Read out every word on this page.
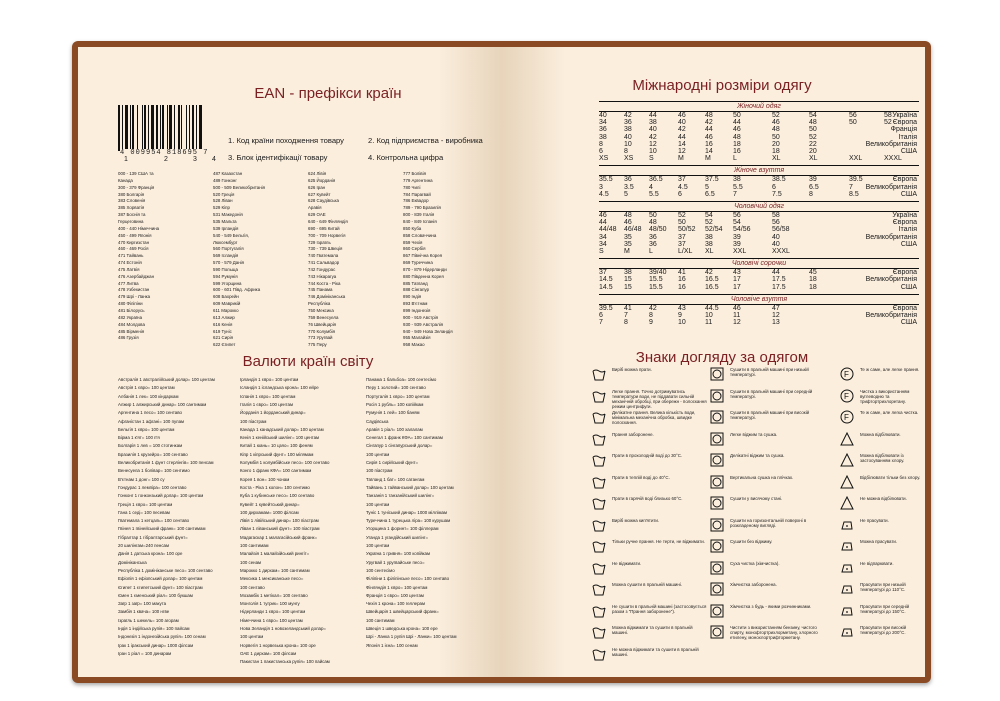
EAN - префікси країн
4 009954 818695 7
1	2	3 4
1. Код країни походження товару	2. Код підприємства - виробника
3. Блок ідентифікації товару	4. Контрольна цифра
000 - 139 США та
Канада
300 - 379 Франція
380 Болгарія
383 Словенія
385 Хорватія
387 Боснія та
Герцеговина
400 - 440 Німеччина
450 - 499 Японія
470 Киргизстан
460 - 469 Росія
471 Тайвань
474 Естонія
475 Латвія
476 Азербайджан
477 Литва
478 Узбекистан
479 Шрі - Ланка
480 Філіпіни
481 Білорусь
482 Україна
484 Молдова
485 Вірменія
486 Грузія
487 Казахстан
489 Гонконг
500 - 509 Великобританія
520 Греція
528 Ліван
529 Кіпр
531 Македонія
535 Мальта
539 Ірландія
540 - 549 Бельгія,
Люксембург
560 Португалія
569 Ісландія
570 - 579 Данія
590 Польща
594 Румунія
599 Угорщина
600 - 601 Півд. Африка
608 Бахрейн
609 Маврикій
611 Марокко
613 Алжир
616 Кенія
619 Туніс
621 Сирія
622 Єгипет
624 Лівія
625 Йорданія
626 Іран
627 Кувейт
628 Саудівська
Аравія
629 ОАЕ
640 - 649 Фінляндія
690 - 695 Китай
700 - 709 Норвегія
729 Ізраїль
730 - 739 Швеція
740 Гватемала
741 Сальвадор
742 Гондурас
743 Нікарагуа
744 Коста - Ріка
745 Панама
746 Домініканська
Республіка
750 Мексика
759 Венесуела
76 Швейцарія
770 Колумбія
773 Уругвай
775 Перу
777 Болівія
779 Аргентина
780 Чилі
784 Парагвай
786 Еквадор
789 - 790 Бразилія
800 - 839 Італія
840 - 849 Іспанія
850 Куба
858 Словаччина
859 Чехія
860 Сербія
867 Північна Корея
869 Туреччина
870 - 879 Нідерланди
880 Південна Корея
885 Таїланд
888 Сінгапур
890 Індія
893 В'єтнам
899 Індонезія
900 - 919 Австрія
930 - 939 Австралія
940 - 949 Нова Зеландія
955 Малайзія
958 Макао
Валюти країн світу
Австралія 1 австралійський долар= 100 центам
Австрія 1 євро= 100 центам
Албанія 1 лек= 100 кіндаркам
Алжир 1 алжирський динар= 100 сантимам
Аргентина 1 песо= 100 сентаво
Афганістан 1 афгані= 100 пулам
Бельгія 1 євро= 100 центам
Бірма 1 к'ят= 100 п'я
Болгарія 1 лев = 100 стотинкам
Бразилія 1 крузейро= 100 сентаво
Великобританія 1 фунт стерлінгів= 100 пенсам
Венесуела 1 боліваp= 100 сентимо
В'єтнам 1 донг= 100 су
Гондурас 1 лемпіра= 100 сентаво
Гонконг 1 гонконзький долар= 100 центам
Греція 1 євро= 100 центам
Гана 1 седі= 100 песевам
Гватемала 1 кетцаль= 100 сентаво
Гвінея 1 гвінейський франк= 100 сантимам
Гібралтар 1 гібралтарський фунт=
20 шилінгам=240 пенсам
Данія 1 датська крона= 100 оре
Домініканська
Республіка 1 домініканське песо= 100 сентаво
Ефіопія 1 ефіопський долар= 100 центам
Єгипет 1 єгипетський фунт= 100 піастрам
Ємен 1 єменський ріал= 100 букшам
Заїр 1 заїр= 100 макута
Замбія 1 квача= 100 нгве
Ізраїль 1 шекель= 100 агорам
Індія 1 індійська рупія= 100 пайсам
Індонезія 1 індонезійська рупія= 100 сенам
Ірак 1 іракський динар= 1000 філсам
Іран 1 ріал = 100 динарам
Ірландія 1 євро= 100 центам
Ісландія 1 ісландська крона= 100 ейре
Іспанія 1 євро= 100 центам
Італія 1 євро= 100 центам
Йорданія 1 йорданський динар=
100 піастрам
Канада 1 канадський долар= 100 центам
Кенія 1 кенійський шилінг= 100 центам
Китай 1 юань= 10 цзяо= 100 феням
Кіпр 1 кіпрський фунт= 100 мілямам
Колумбія 1 колумбійське песо= 100 сентаво
Конго 1 франк КФА= 100 сантимам
Корея 1 вон= 100 чонам
Коста - Ріка 1 колон= 100 сентимо
Куба 1 кубинське песо= 100 сентаво
Кувейт 1 кувейтський динар=
100 дирхамам= 1000 філсам
Лівія 1 лівійський динар= 100 піастрам
Ліван 1 ліванський фунт= 100 піастрам
Мадагаскар 1 малагасійський франк=
100 сантимам
Малайзія 1 малайзійський рингіт=
100 сенам
Марокко 1 дирхам= 100 сантимам
Мексика 1 мексиканське песо=
100 сентаво
Мозамбік 1 метікал= 100 сентаво
Монголія 1 тугрик= 100 мунгу
Нідерланди 1 євро= 100 центам
Німеччина 1 євро= 100 центам
Нова Зеландія 1 новозеландський долар=
100 центам
Норвегія 1 норвезька крона= 100 оре
ОАЕ 1 дирхам= 100 філсам
Пакистан 1 пакистанська рупія= 100 пайсам
Панама 1 бальбоа= 100 сентесімо
Перу 1 золотий= 100 сентаво
Португалія 1 євро= 100 центам
Росія 1 рубль= 100 копійкам
Румунія 1 лей= 100 баням
Саудівська
Аравія 1 ріал= 100 халалам
Сенегал 1 франк КФА= 100 сантимам
Сінгапур 1 сінгапурський долар=
100 центам
Сирія 1 сирійський фунт=
100 піастрам
Таїланд 1 бат= 100 сатангам
Тайвань 1 тайванський долар= 100 центам
Танзанія 1 танзанійський шилінг=
100 центам
Туніс 1 туніський динар= 1000 міллімам
Туреччина 1 турецька ліра= 100 курушам
Угорщина 1 форинт= 100 філлерам
Уганда 1 угандійський шилінг=
100 центам
Україна 1 гривня= 100 копійкам
Уругвай 1 уругвайське песо=
100 сентесімо
Філіпіни 1 філіпінське песо= 100 сентаво
Фінляндія 1 євро= 100 центам
Франція 1 євро= 100 центам
Чехія 1 крона= 100 геллерам
Швейцарія 1 швейцарський франк=
100 сантимам
Швеція 1 шведська крона= 100 ере
Шрі - Ланка 1 рупія Шрі - Ланки= 100 центам
Японія 1 ієна= 100 сенам
Міжнародні розміри одягу
Жіночий одяг
40 42 44	46	48	50	52	54	56	58 Україна
34 36 38	40	42	44	46	48	50	52 Європа
36 38 40	42	44	46	48	50	Франція
38 40 42	44	46	48	50	52	Італія
8	10 12	14	16	18	20	22	Великобританія
6	8	10	12	14	16	18	20	США
XS XS S	M	M	L	XL	XL	XXL	XXXL
Жіноче взуття
35.5 36 36.5 37	37.5 38	38.5	39	39.5	Європа
3	3.5 4	4.5 5	5.5	6	6.5	7 Великобританія
4.5 5	5.5	6	6.5	7	7.5	8	8.5	США
Чоловічий одяг
46 48 50	52	54	56	58	Україна
44 46 48	50	52	54	56	Європа
44/48 46/48 48/50 50/52 52/54 54/56	56/58	Італія
34 35 36	37	38	39	40	Великобританія
34 35 36	37	38	39	40	США
S	M	L	L/XL XL	XXL	XXXL
Чоловічі сорочки
37 38 39/40 41	42	43	44	45	Європа
14.5 15 15.5 16	16.5 17	17.5	18	Великобританія
14.5 15 15.5 16	16.5 17	17.5	18	США
Чоловіче взуття
39.5 41 42	43	44.5 46	47	Європа
6	7	8	9	10	11	12	Великобританія
7	8	9	10	11	12	13	США
Знаки догляду за одягом
Виріб можна прати.
Легке прання. Точно дотримуватись температури води, не піддавати сильній механічній обробці, при обережн - полоскання режим центрифуги.
Делікатне прання. Велика кількість води, мінімальна механічна обробка, швидке полоскання.
Прання заборонене.
Прати в прохолодній воді до 30°С.
Прати в теплій воді до 40°С.
Прати в гарячій воді близько 60°С.
Виріб можна кип'ятити.
Тільки ручне прання. Не терти, не віджимати.
Не віджимати.
Можна сушити в пральній машині.
Не сушити в пральній машині (застосовується разом з "Прання заборонене").
Можна віджимати та сушити в пральній машині.
Не можна віджимати та сушити в пральній машині.
Сушити в пральній машині при низькій температурі.
Сушити в пральній машині при середній температурі.
Сушити в пральній машині при високій температурі.
Легке віджим та сушка.
Делікатні віджим та сушка.
Вертикальна сушка на плічках.
Сушити у висячому стані.
Сушити на горизонтальній поверхні в розкладеному вигляді.
Сушити без віджиму.
Суха чистка (хімчистка).
Хімчистка заборонена.
Хімчистка з будь - якими розчинниками.
Чистити з використанням бензину, чистого спирту, монофтортрихлорметану, хлорного етилену, монохлортрифторметану.
F
Те ж саме, але легке прання.
F
Чистка з використанням вуглеводню та трифтортрихлоретану.
F
Те ж саме, але легка чистка.
Можна відбілювати.
Можна відбілювати із застосуванням хлору.
Відбілювати тільки без хлору.
Не можна відбілювати.
Не прасувати.
Можна прасувати.
Не відпарювати.
Прасувати при низькій температурі до 110°С.
Прасувати при середній температурі до 150°С.
Прасувати при високій температурі до 200°С.
